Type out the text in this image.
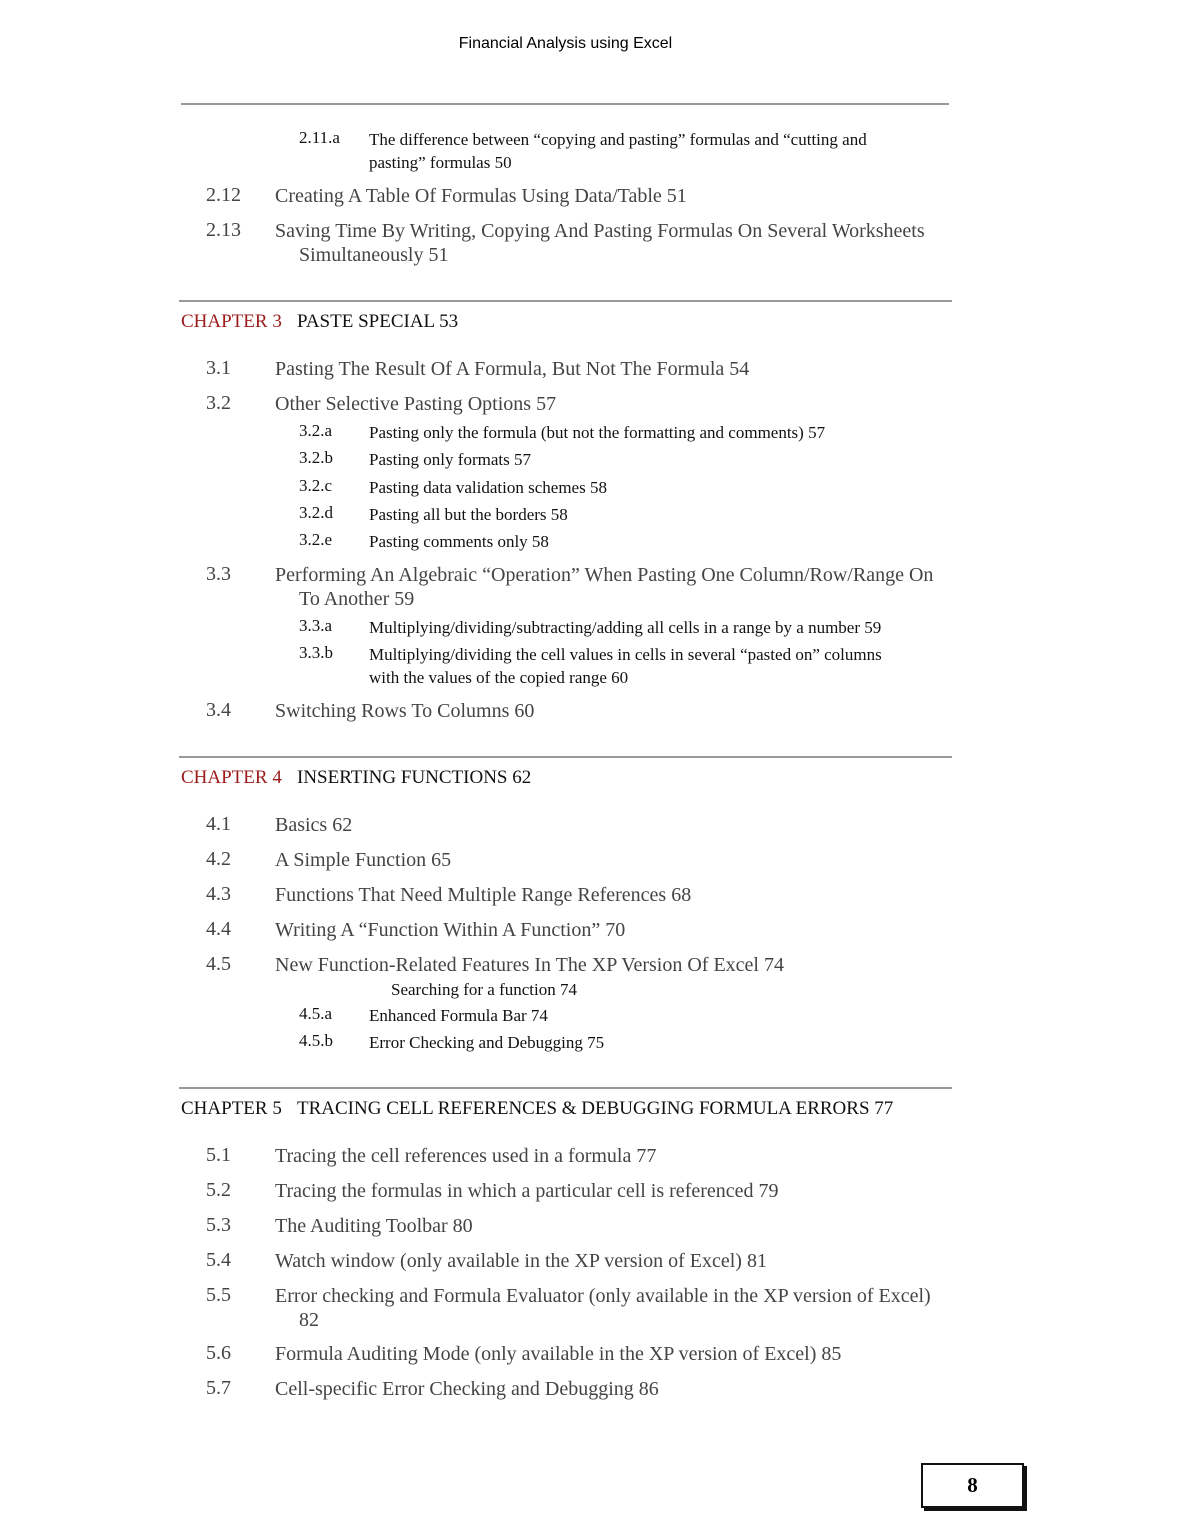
Financial Analysis using Excel
2.11.a The difference between “copying and pasting” formulas and “cutting and
pasting” formulas 50
2.12 Creating A Table Of Formulas Using Data/Table 51
2.13 Saving Time By Writing, Copying And Pasting Formulas On Several Worksheets
Simultaneously 51
CHAPTER 3 PASTE SPECIAL 53
3.1 Pasting The Result Of A Formula, But Not The Formula 54
3.2 Other Selective Pasting Options 57
3.2.a Pasting only the formula (but not the formatting and comments) 57
3.2.b Pasting only formats 57
3.2.c Pasting data validation schemes 58
3.2.d Pasting all but the borders 58
3.2.e Pasting comments only 58
3.3 Performing An Algebraic “Operation” When Pasting One Column/Row/Range On
To Another 59
3.3.a Multiplying/dividing/subtracting/adding all cells in a range by a number 59
3.3.b Multiplying/dividing the cell values in cells in several “pasted on” columns
with the values of the copied range 60
3.4 Switching Rows To Columns 60
CHAPTER 4 INSERTING FUNCTIONS 62
4.1 Basics 62
4.2 A Simple Function 65
4.3 Functions That Need Multiple Range References 68
4.4 Writing A “Function Within A Function” 70
4.5 New Function-Related Features In The XP Version Of Excel 74
Searching for a function 74
4.5.a Enhanced Formula Bar 74
4.5.b Error Checking and Debugging 75
CHAPTER 5 TRACING CELL REFERENCES & DEBUGGING FORMULA ERRORS 77
5.1 Tracing the cell references used in a formula 77
5.2 Tracing the formulas in which a particular cell is referenced 79
5.3 The Auditing Toolbar 80
5.4 Watch window (only available in the XP version of Excel) 81
5.5 Error checking and Formula Evaluator (only available in the XP version of Excel)
82
5.6 Formula Auditing Mode (only available in the XP version of Excel) 85
5.7 Cell-specific Error Checking and Debugging 86
8
